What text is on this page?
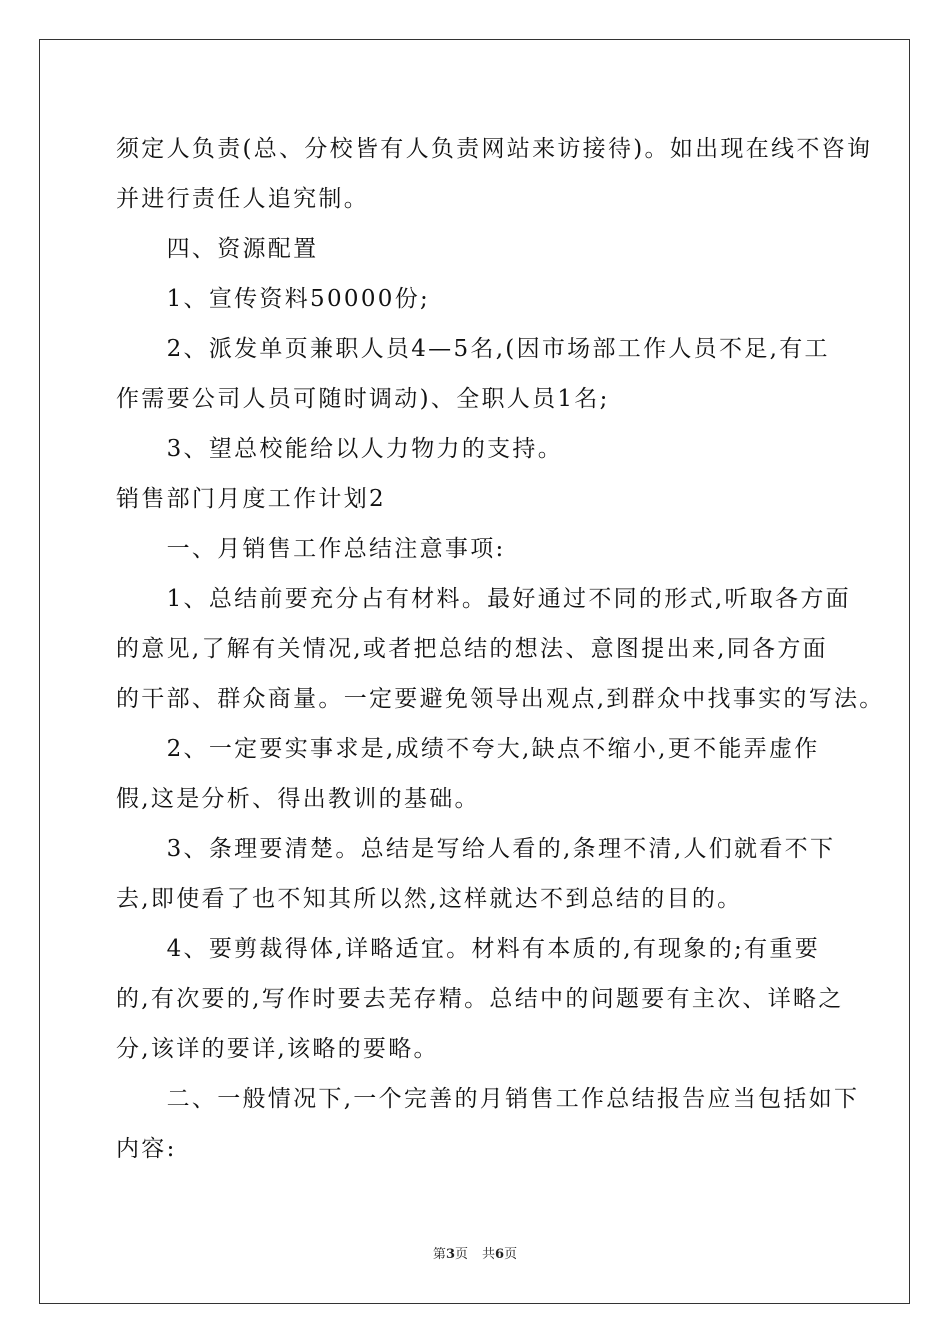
须定人负责(总、分校皆有人负责网站来访接待)。如出现在线不咨询
并进行责任人追究制。
　　四、资源配置
　　1、宣传资料50000份;
　　2、派发单页兼职人员4—5名,(因市场部工作人员不足,有工
作需要公司人员可随时调动)、全职人员1名;
　　3、望总校能给以人力物力的支持。
销售部门月度工作计划2
　　一、月销售工作总结注意事项:
　　1、总结前要充分占有材料。最好通过不同的形式,听取各方面
的意见,了解有关情况,或者把总结的想法、意图提出来,同各方面
的干部、群众商量。一定要避免领导出观点,到群众中找事实的写法。
　　2、一定要实事求是,成绩不夸大,缺点不缩小,更不能弄虚作
假,这是分析、得出教训的基础。
　　3、条理要清楚。总结是写给人看的,条理不清,人们就看不下
去,即使看了也不知其所以然,这样就达不到总结的目的。
　　4、要剪裁得体,详略适宜。材料有本质的,有现象的;有重要
的,有次要的,写作时要去芜存精。总结中的问题要有主次、详略之
分,该详的要详,该略的要略。
　　二、一般情况下,一个完善的月销售工作总结报告应当包括如下
内容:
第3页 共6页
